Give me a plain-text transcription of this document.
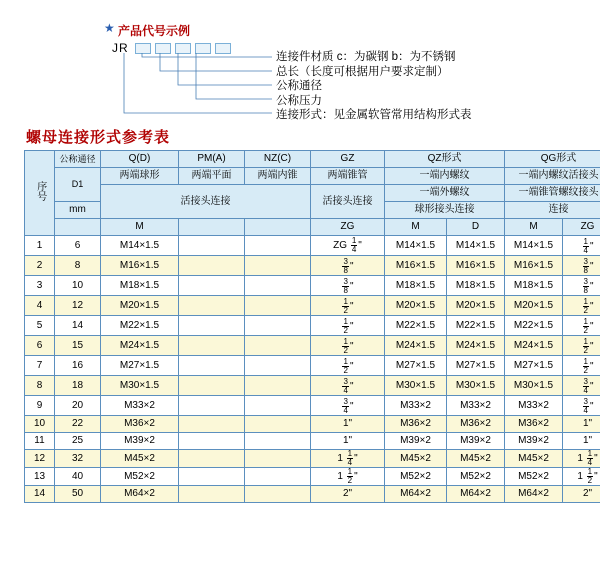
★ 产品代号示例
JR
连接件材质 c：为碳钢 b：为不锈钢
总长（长度可根据用户要求定制）
公称通径
公称压力
连接形式：见金属软管常用结构形式表
螺母连接形式参考表
序号	公称通径	Q(D)	PM(A)	NZ(C)	GZ	QZ形式		QG形式	
	D1	两端球形	两端平面	两端内锥	两端锥管	一端内螺纹		一端内螺纹活接头	
		活接头连接			活接头连接	一端外螺纹		一端锥管螺纹接头	
	mm					球形接头连接		连接	
		M			ZG	M	D	M	ZG
1	6	M14×1.5			ZG $\frac{1}{4}$ "	M14×1.5	M14×1.5	M14×1.5	$\frac{1}{4}$ "
2	8	M16×1.5			$\frac{3}{8}$ "	M16×1.5	M16×1.5	M16×1.5	$\frac{3}{8}$ "
3	10	M18×1.5			$\frac{3}{8}$ "	M18×1.5	M18×1.5	M18×1.5	$\frac{3}{8}$ "
4	12	M20×1.5			$\frac{1}{2}$ "	M20×1.5	M20×1.5	M20×1.5	$\frac{1}{2}$ "
5	14	M22×1.5			$\frac{1}{2}$ "	M22×1.5	M22×1.5	M22×1.5	$\frac{1}{2}$ "
6	15	M24×1.5			$\frac{1}{2}$ "	M24×1.5	M24×1.5	M24×1.5	$\frac{1}{2}$ "
7	16	M27×1.5			$\frac{1}{2}$ "	M27×1.5	M27×1.5	M27×1.5	$\frac{1}{2}$ "
8	18	M30×1.5			$\frac{3}{4}$ "	M30×1.5	M30×1.5	M30×1.5	$\frac{3}{4}$ "
9	20	M33×2			$\frac{3}{4}$ "	M33×2	M33×2	M33×2	$\frac{3}{4}$ "
10	22	M36×2			1"	M36×2	M36×2	M36×2	1"
11	25	M39×2			1"	M39×2	M39×2	M39×2	1"
12	32	M45×2			$1 \frac{1}{4}$ "	M45×2	M45×2	M45×2	$1 \frac{1}{4}$ "
13	40	M52×2			$1 \frac{1}{2}$ "	M52×2	M52×2	M52×2	$1 \frac{1}{2}$ "
14	50	M64×2			2"	M64×2	M64×2	M64×2	2"
